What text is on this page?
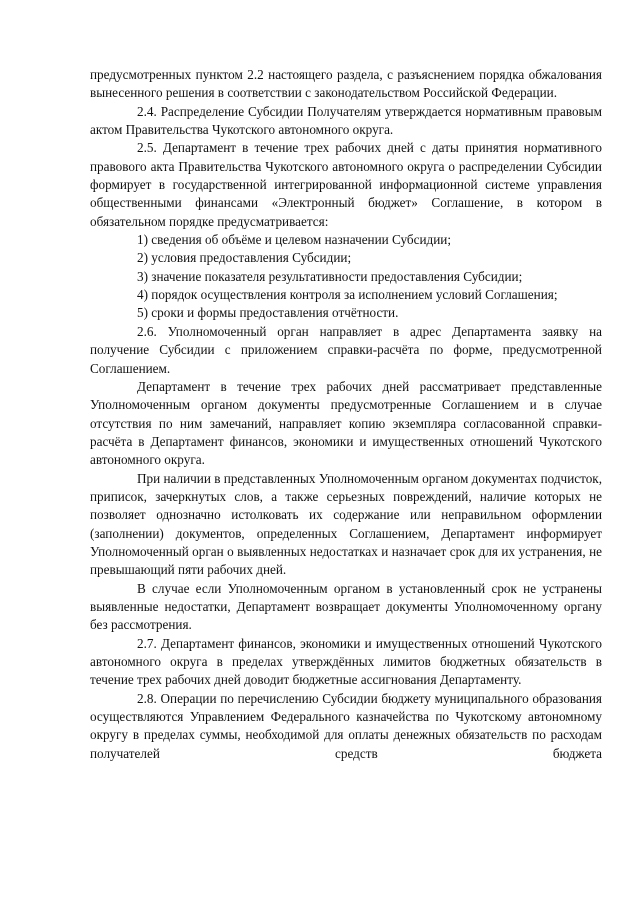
предусмотренных пунктом 2.2 настоящего раздела, с разъяснением порядка обжалования вынесенного решения в соответствии с законодательством Российской Федерации.

2.4. Распределение Субсидии Получателям утверждается нормативным правовым актом Правительства Чукотского автономного округа.

2.5. Департамент в течение трех рабочих дней с даты принятия нормативного правового акта Правительства Чукотского автономного округа о распределении Субсидии формирует в государственной интегрированной информационной системе управления общественными финансами «Электронный бюджет» Соглашение, в котором в обязательном порядке предусматривается:

1) сведения об объёме и целевом назначении Субсидии;

2) условия предоставления Субсидии;

3) значение показателя результативности предоставления Субсидии;

4) порядок осуществления контроля за исполнением условий Соглашения;

5) сроки и формы предоставления отчётности.

2.6. Уполномоченный орган направляет в адрес Департамента заявку на получение Субсидии с приложением справки-расчёта по форме, предусмотренной Соглашением.

Департамент в течение трех рабочих дней рассматривает представленные Уполномоченным органом документы предусмотренные Соглашением и в случае отсутствия по ним замечаний, направляет копию экземпляра согласованной справки-расчёта в Департамент финансов, экономики и имущественных отношений Чукотского автономного округа.

При наличии в представленных Уполномоченным органом документах подчисток, приписок, зачеркнутых слов, а также серьезных повреждений, наличие которых не позволяет однозначно истолковать их содержание или неправильном оформлении (заполнении) документов, определенных Соглашением, Департамент информирует Уполномоченный орган о выявленных недостатках и назначает срок для их устранения, не превышающий пяти рабочих дней.

В случае если Уполномоченным органом в установленный срок не устранены выявленные недостатки, Департамент возвращает документы Уполномоченному органу без рассмотрения.

2.7. Департамент финансов, экономики и имущественных отношений Чукотского автономного округа в пределах утверждённых лимитов бюджетных обязательств в течение трех рабочих дней доводит бюджетные ассигнования Департаменту.

2.8. Операции по перечислению Субсидии бюджету муниципального образования осуществляются Управлением Федерального казначейства по Чукотскому автономному округу в пределах суммы, необходимой для оплаты денежных обязательств по расходам получателей средств бюджета
